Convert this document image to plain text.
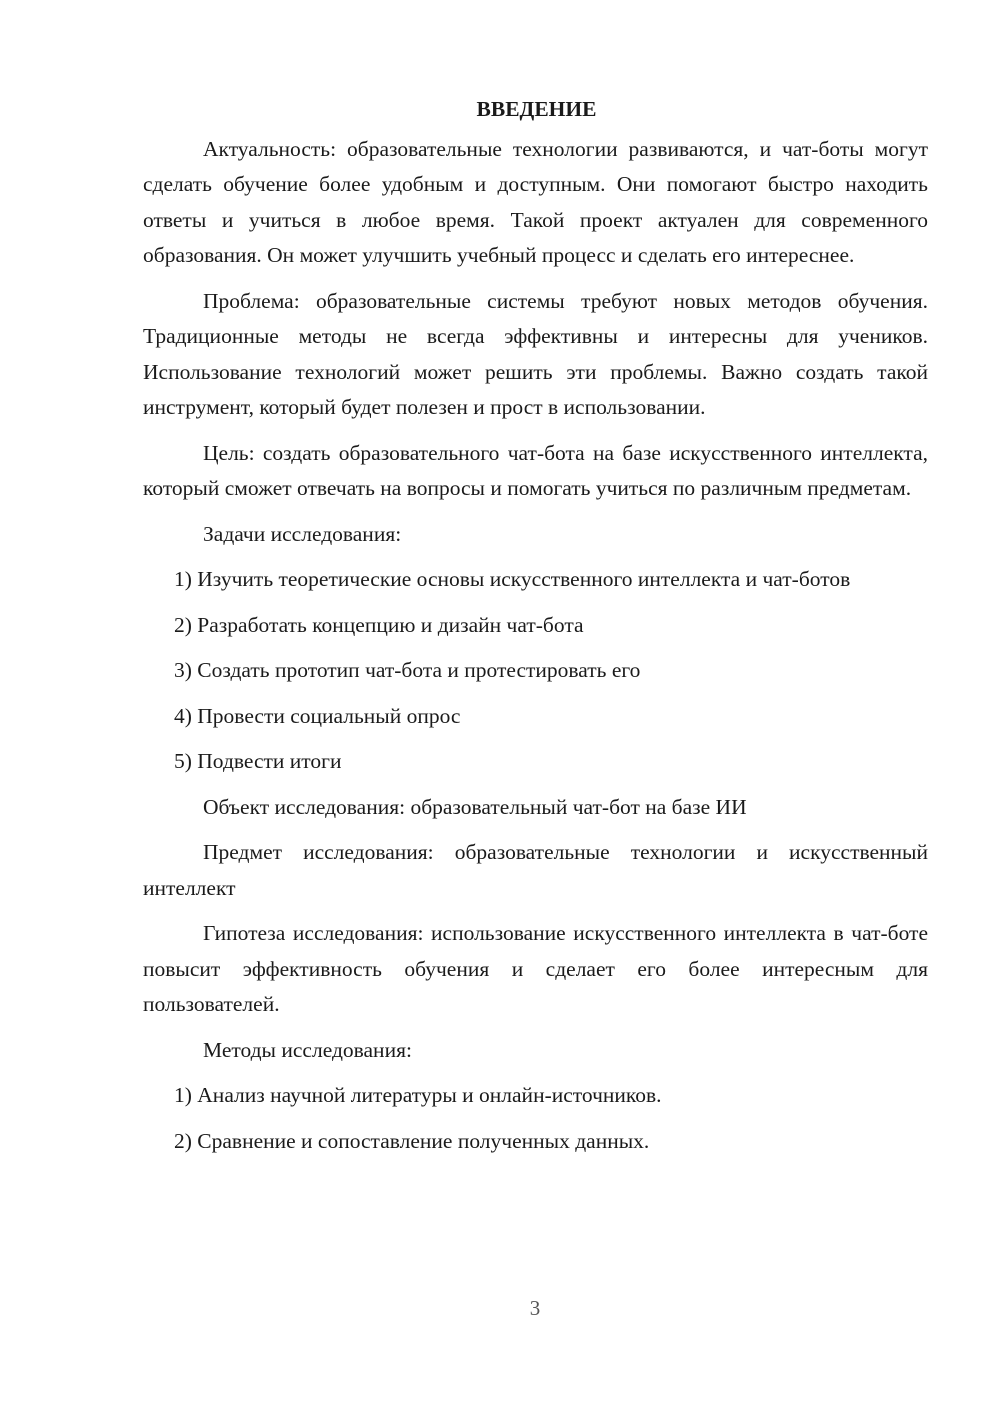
ВВЕДЕНИЕ

Актуальность: образовательные технологии развиваются, и чат-боты могут сделать обучение более удобным и доступным. Они помогают быстро находить ответы и учиться в любое время. Такой проект актуален для современного образования. Он может улучшить учебный процесс и сделать его интереснее.

Проблема: образовательные системы требуют новых методов обучения. Традиционные методы не всегда эффективны и интересны для учеников. Использование технологий может решить эти проблемы. Важно создать такой инструмент, который будет полезен и прост в использовании.

Цель: создать образовательного чат-бота на базе искусственного интеллекта, который сможет отвечать на вопросы и помогать учиться по различным предметам.

Задачи исследования:

1) Изучить теоретические основы искусственного интеллекта и чат-ботов

2) Разработать концепцию и дизайн чат-бота

3) Создать прототип чат-бота и протестировать его

4) Провести социальный опрос

5) Подвести итоги

Объект исследования: образовательный чат-бот на базе ИИ

Предмет исследования: образовательные технологии и искусственный интеллект

Гипотеза исследования: использование искусственного интеллекта в чат-боте повысит эффективность обучения и сделает его более интересным для пользователей.

Методы исследования:

1) Анализ научной литературы и онлайн-источников.

2) Сравнение и сопоставление полученных данных.

3
